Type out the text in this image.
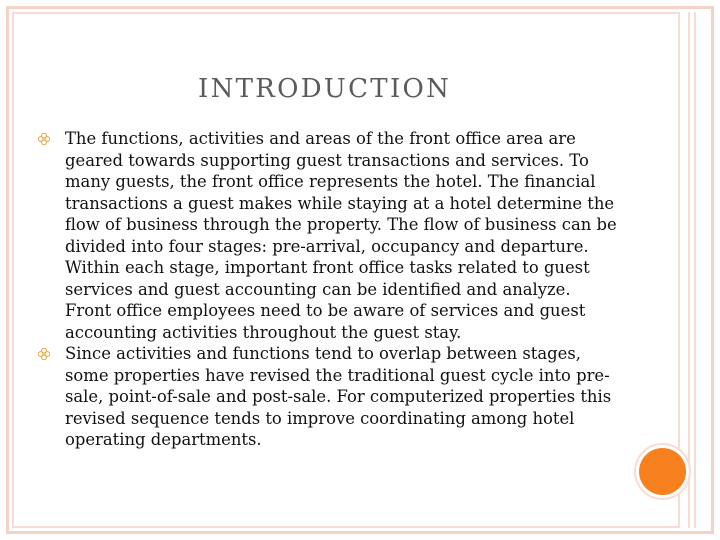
INTRODUCTION
The functions, activities and areas of the front office area are geared towards supporting guest transactions and services. To many guests, the front office represents the hotel. The financial transactions a guest makes while staying at a hotel determine the flow of business through the property. The flow of business can be divided into four stages: pre-arrival, occupancy and departure. Within each stage, important front office tasks related to guest services and guest accounting can be identified and analyze. Front office employees need to be aware of services and guest accounting activities throughout the guest stay.
Since activities and functions tend to overlap between stages, some properties have revised the traditional guest cycle into pre-sale, point-of-sale and post-sale. For computerized properties this revised sequence tends to improve coordinating among hotel operating departments.
